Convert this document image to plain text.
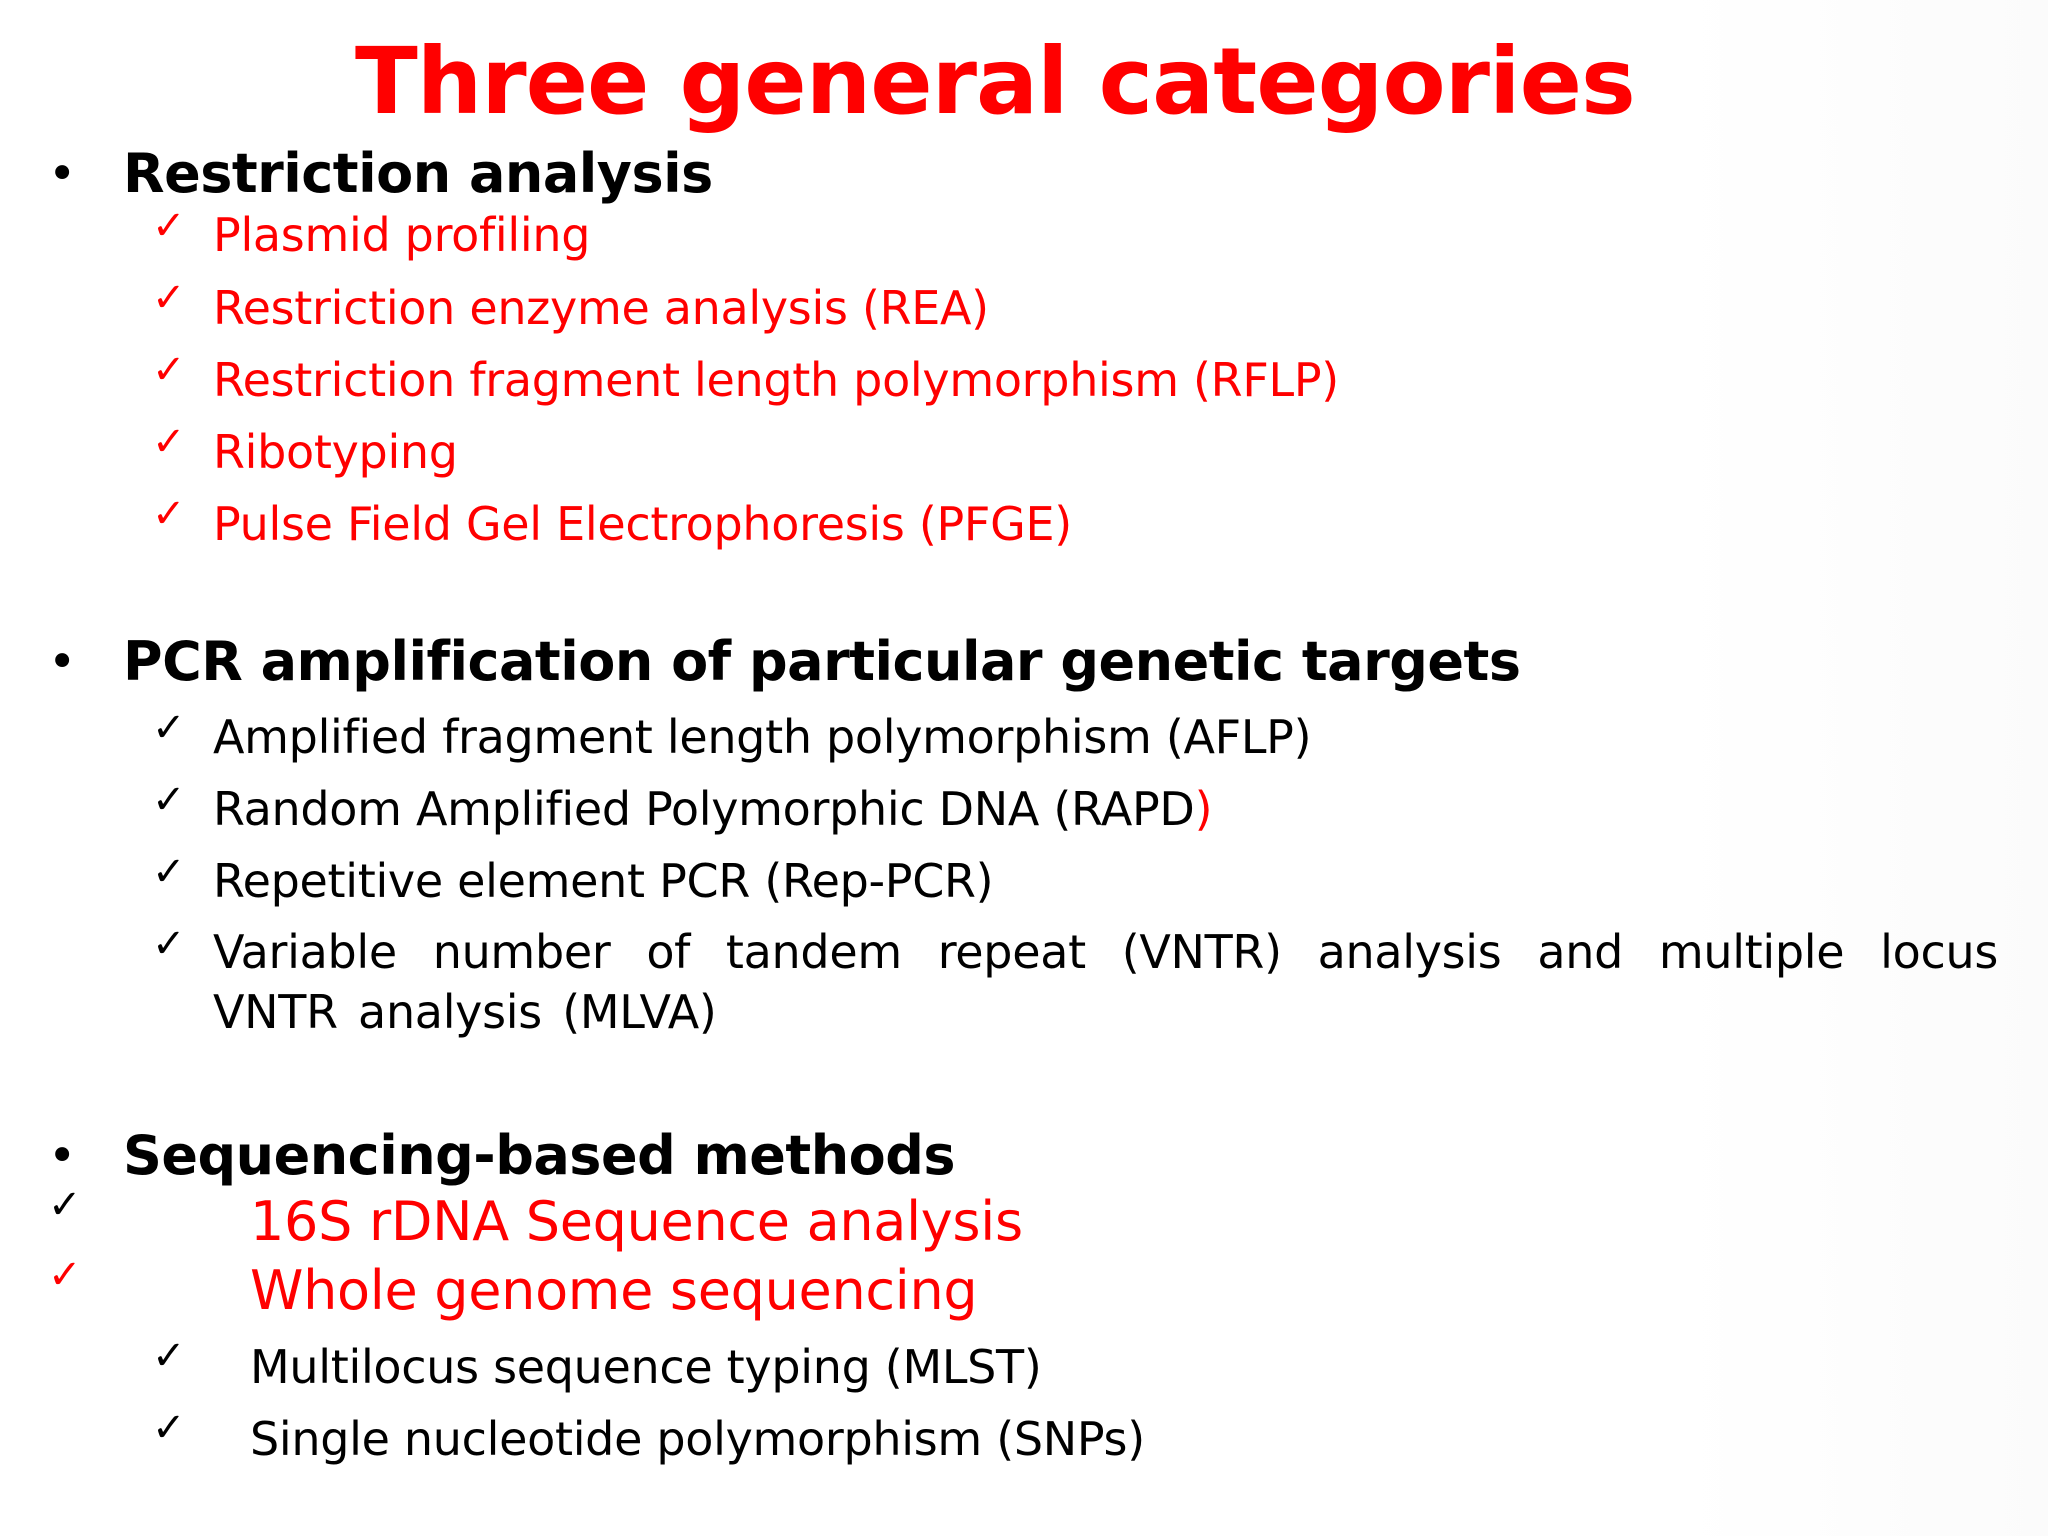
Three general categories
• Restriction analysis
✓ Plasmid profiling
✓ Restriction enzyme analysis (REA)
✓ Restriction fragment length polymorphism (RFLP)
✓ Ribotyping
✓ Pulse Field Gel Electrophoresis (PFGE)
• PCR amplification of particular genetic targets
✓ Amplified fragment length polymorphism (AFLP)
✓ Random Amplified Polymorphic DNA (RAPD)
✓ Repetitive element PCR (Rep-PCR)
✓ Variable number of tandem repeat (VNTR) analysis and multiple locus VNTR analysis (MLVA)
• Sequencing-based methods
✓	16S rDNA Sequence analysis
✓	Whole genome sequencing
✓ Multilocus sequence typing (MLST)
✓ Single nucleotide polymorphism (SNPs)
